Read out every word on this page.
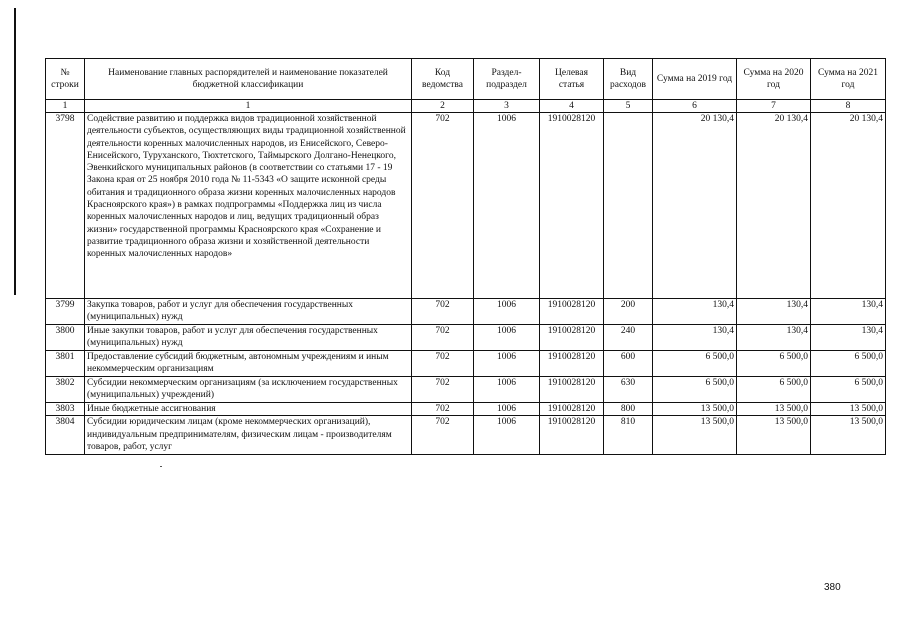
№ строки	Наименование главных распорядителей и наименование показателей бюджетной классификации	Код ведомства	Раздел-подраздел	Целевая статья	Вид расходов	Сумма на 2019 год	Сумма на 2020 год	Сумма на 2021 год
1	1	2	3	4	5	6	7	8
3798	Содействие развитию и поддержка видов традиционной хозяйственной деятельности субъектов, осуществляющих виды традиционной хозяйственной деятельности коренных малочисленных народов, из Енисейского, Северо-Енисейского, Туруханского, Тюхтетского, Таймырского Долгано-Ненецкого, Эвенкийского муниципальных районов (в соответствии со статьями 17 - 19 Закона края от 25 ноября 2010 года № 11-5343 «О защите исконной среды обитания и традиционного образа жизни коренных малочисленных народов Красноярского края») в рамках подпрограммы «Поддержка лиц из числа коренных малочисленных народов и лиц, ведущих традиционный образ жизни» государственной программы Красноярского края «Сохранение и развитие традиционного образа жизни и хозяйственной деятельности коренных малочисленных народов»	702	1006	1910028120		20 130,4	20 130,4	20 130,4
3799	Закупка товаров, работ и услуг для обеспечения государственных (муниципальных) нужд	702	1006	1910028120	200	130,4	130,4	130,4
3800	Иные закупки товаров, работ и услуг для обеспечения государственных (муниципальных) нужд	702	1006	1910028120	240	130,4	130,4	130,4
3801	Предоставление субсидий бюджетным, автономным учреждениям и иным некоммерческим организациям	702	1006	1910028120	600	6 500,0	6 500,0	6 500,0
3802	Субсидии некоммерческим организациям (за исключением государственных (муниципальных) учреждений)	702	1006	1910028120	630	6 500,0	6 500,0	6 500,0
3803	Иные бюджетные ассигнования	702	1006	1910028120	800	13 500,0	13 500,0	13 500,0
3804	Субсидии юридическим лицам (кроме некоммерческих организаций), индивидуальным предпринимателям, физическим лицам - производителям товаров, работ, услуг	702	1006	1910028120	810	13 500,0	13 500,0	13 500,0
380
